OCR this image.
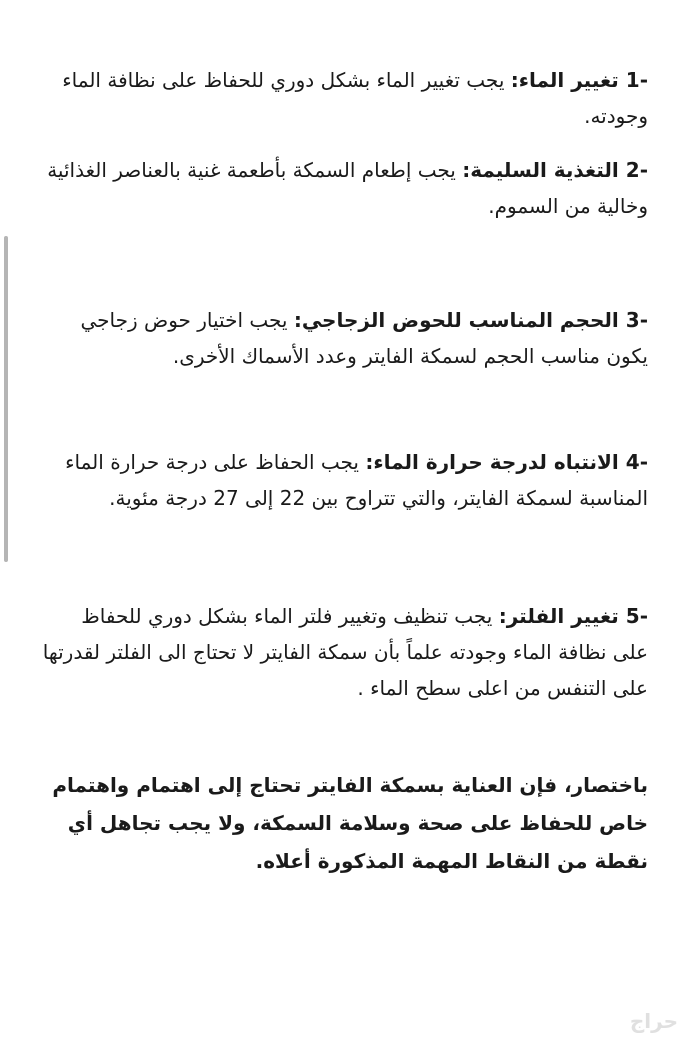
-1 تغيير الماء: يجب تغيير الماء بشكل دوري للحفاظ على نظافة الماء وجودته.

-2 التغذية السليمة: يجب إطعام السمكة بأطعمة غنية بالعناصر الغذائية وخالية من السموم.

-3 الحجم المناسب للحوض الزجاجي: يجب اختيار حوض زجاجي يكون مناسب الحجم لسمكة الفايتر وعدد الأسماك الأخرى.

-4 الانتباه لدرجة حرارة الماء: يجب الحفاظ على درجة حرارة الماء المناسبة لسمكة الفايتر، والتي تتراوح بين 22 إلى 27 درجة مئوية.

-5 تغيير الفلتر: يجب تنظيف وتغيير فلتر الماء بشكل دوري للحفاظ على نظافة الماء وجودته علماً بأن سمكة الفايتر لا تحتاج الى الفلتر لقدرتها على التنفس من اعلى سطح الماء .

باختصار، فإن العناية بسمكة الفايتر تحتاج إلى اهتمام واهتمام خاص للحفاظ على صحة وسلامة السمكة، ولا يجب تجاهل أي نقطة من النقاط المهمة المذكورة أعلاه.

حراج
